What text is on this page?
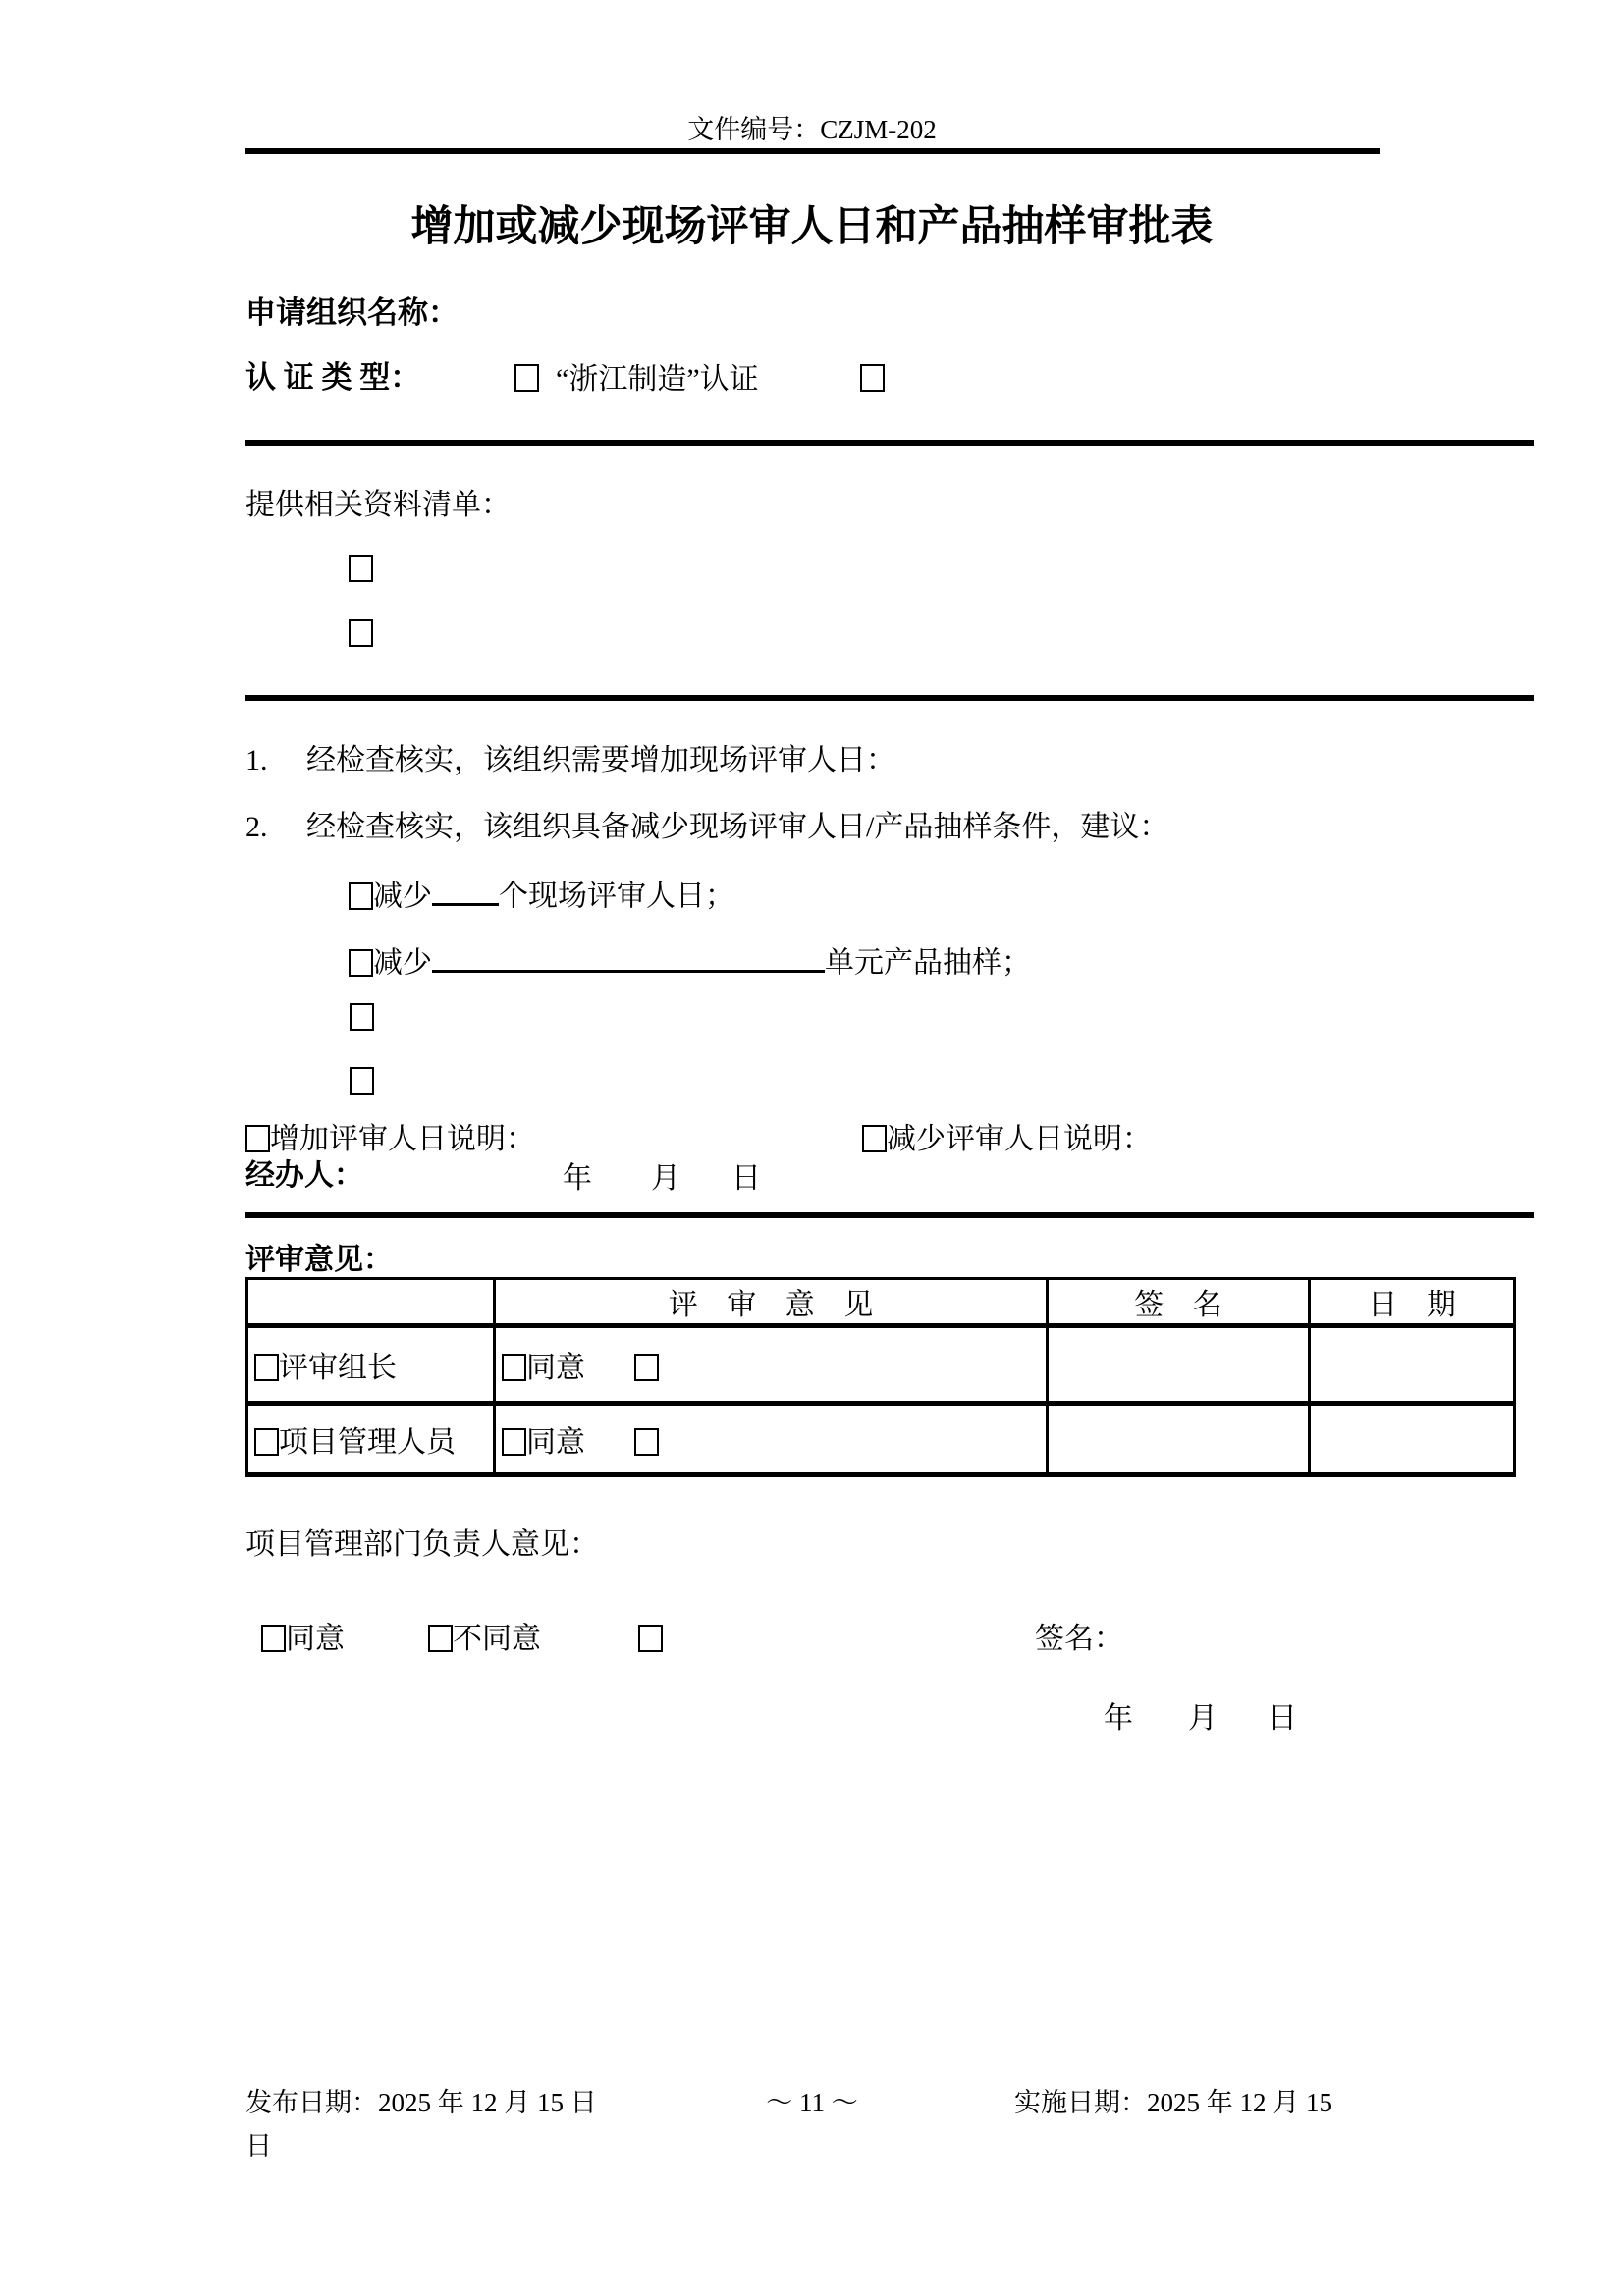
文件编号：CZJM-202
增加或减少现场评审人日和产品抽样审批表
申请组织名称：
认 证 类 型：	“浙江制造”认证
提供相关资料清单：
1. 经检查核实，该组织需要增加现场评审人日：
2. 经检查核实，该组织具备减少现场评审人日/产品抽样条件，建议：
减少 个现场评审人日；
减少	单元产品抽样；
增加评审人日说明：	减少评审人日说明：
经办人：	年 月 日
评审意见：
	评 审 意 见	签 名	日 期
评审组长	同意		
项目管理人员	同意		
项目管理部门负责人意见：
同意	不同意	签名：
年 月 日
发布日期：2025 年 12 月 15 日	～ 11 ～	实施日期：2025 年 12 月 15
日
